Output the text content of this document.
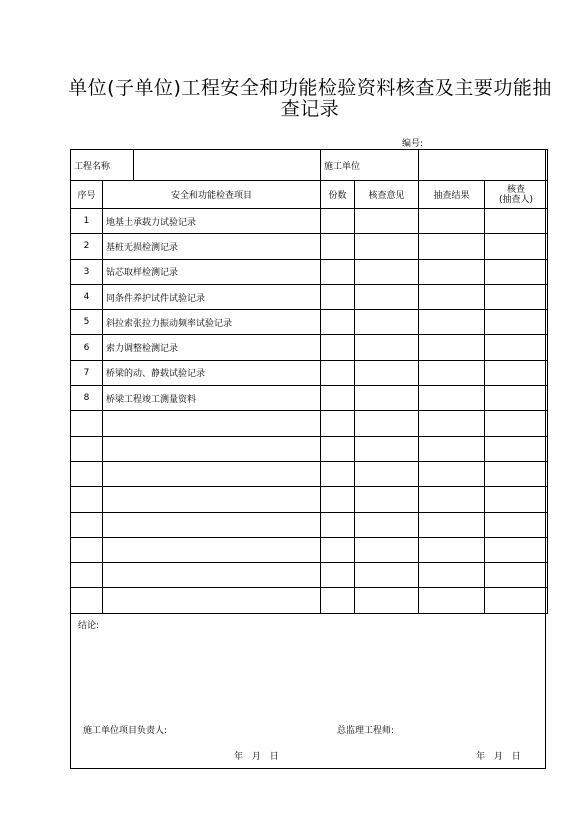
单位(子单位)工程安全和功能检验资料核查及主要功能抽查记录
编号:
工程名称			施工单位			
序号	安全和功能检查项目		份数	核查意见	抽查结果	核查
(抽查人)
1	地基土承载力试验记录					
2	基桩无损检测记录					
3	钻芯取样检测记录					
4	同条件养护试件试验记录					
5	斜拉索张拉力振动频率试验记录					
6	索力调整检测记录					
7	桥梁的动、静载试验记录					
8	桥梁工程竣工测量资料					

结论:
施工单位项目负责人:	总监理工程师:
年 月 日	年 月 日
